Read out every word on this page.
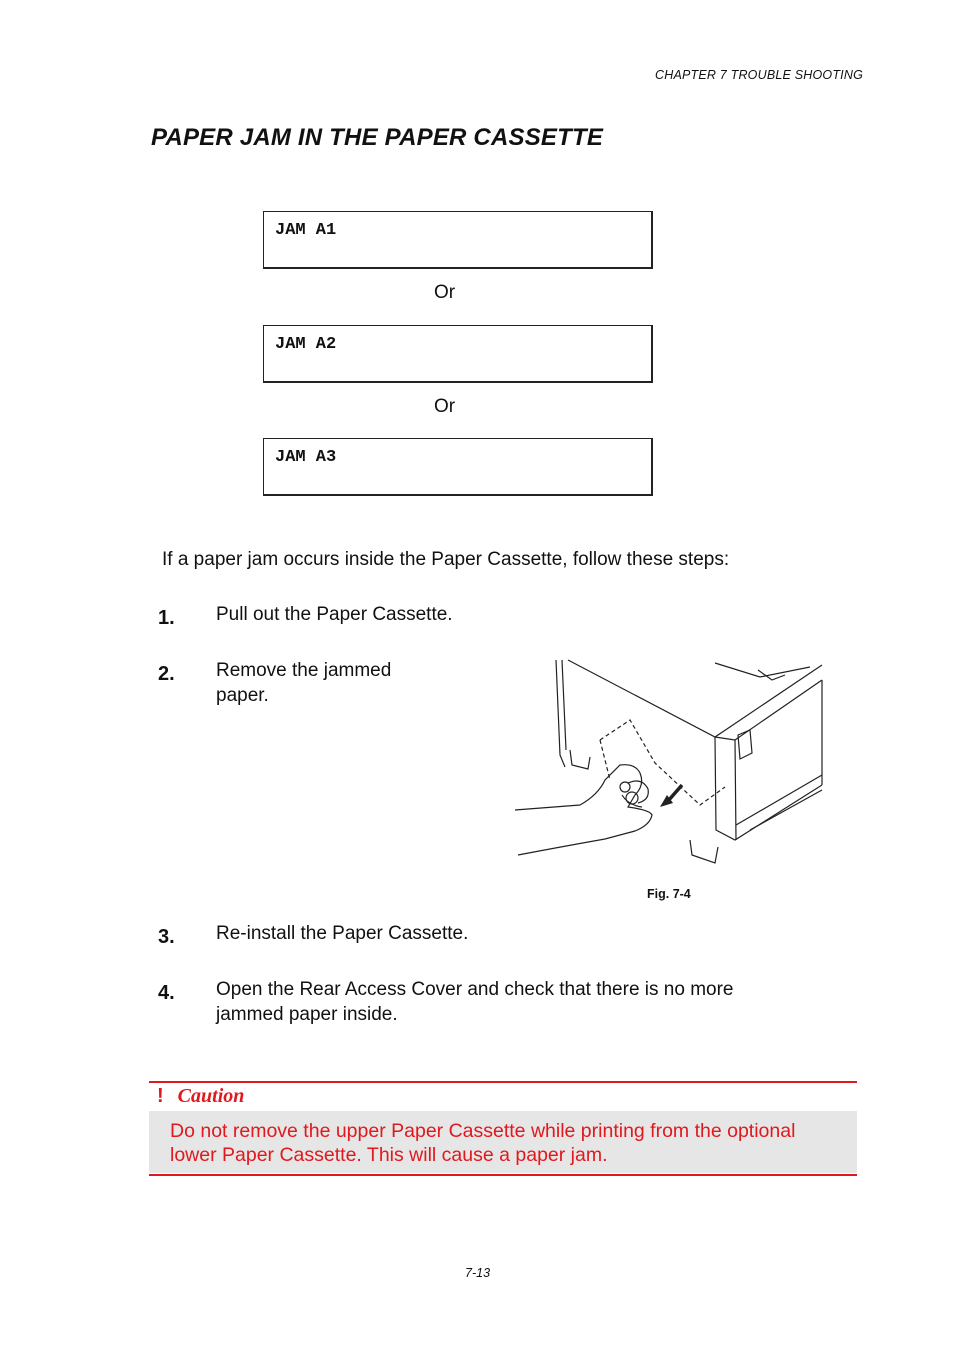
CHAPTER 7 TROUBLE SHOOTING
PAPER JAM IN THE PAPER CASSETTE
JAM A1
Or
JAM A2
Or
JAM A3
If a paper jam occurs inside the Paper Cassette, follow these steps:
1. Pull out the Paper Cassette.
2. Remove the jammed
paper.
Fig. 7-4
3. Re-install the Paper Cassette.
4. Open the Rear Access Cover and check that there is no more
jammed paper inside.
! Caution
Do not remove the upper Paper Cassette while printing from the optional
lower Paper Cassette. This will cause a paper jam.
7-13
